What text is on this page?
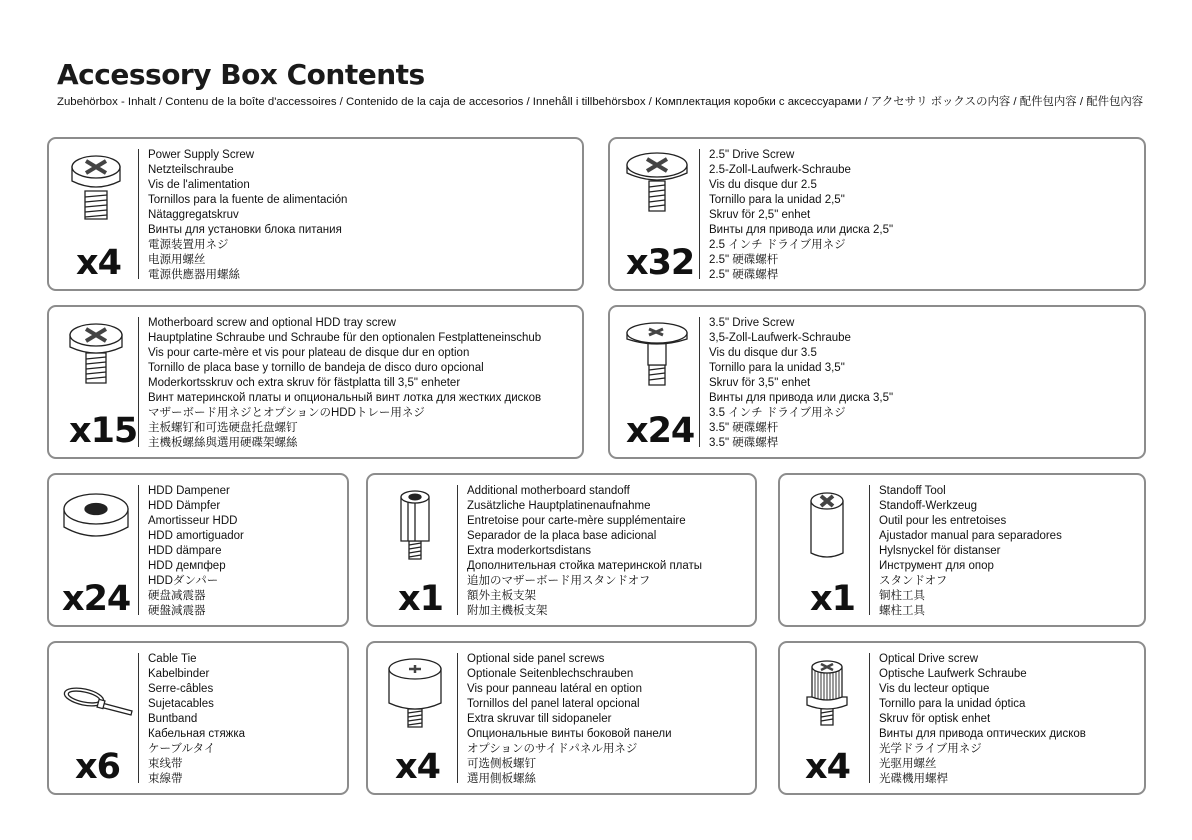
Accessory Box Contents
Zubehörbox - Inhalt / Contenu de la boîte d'accessoires / Contenido de la caja de accesorios / Innehåll i tillbehörsbox / Комплектация коробки с аксессуарами / アクセサリ ボックスの内容 / 配件包内容 / 配件包內容
x4
Power Supply Screw
Netzteilschraube
Vis de l'alimentation
Tornillos para la fuente de alimentación
Nätaggregatskruv
Винты для установки блока питания
電源装置用ネジ
电源用螺丝
電源供應器用螺絲	x32
2.5" Drive Screw
2.5-Zoll-Laufwerk-Schraube
Vis du disque dur 2.5
Tornillo para la unidad 2,5"
Skruv för 2,5" enhet
Винты для привода или диска 2,5"
2.5 インチ ドライブ用ネジ
2.5" 硬碟螺杆
2.5" 硬碟螺桿
x15
Motherboard screw and optional HDD tray screw
Hauptplatine Schraube und Schraube für den optionalen Festplatteneinschub
Vis pour carte-mère et vis pour plateau de disque dur en option
Tornillo de placa base y tornillo de bandeja de disco duro opcional
Moderkortsskruv och extra skruv för fästplatta till 3,5" enheter
Винт материнской платы и опциональный винт лотка для жестких дисков
マザーボード用ネジとオプションのHDDトレー用ネジ
主板螺钉和可选硬盘托盘螺钉
主機板螺絲與選用硬碟架螺絲	x24
3.5" Drive Screw
3,5-Zoll-Laufwerk-Schraube
Vis du disque dur 3.5
Tornillo para la unidad 3,5"
Skruv för 3,5" enhet
Винты для привода или диска 3,5"
3.5 インチ ドライブ用ネジ
3.5" 硬碟螺杆
3.5" 硬碟螺桿
x24
HDD Dampener
HDD Dämpfer
Amortisseur HDD
HDD amortiguador
HDD dämpare
HDD демпфер
HDDダンパー
硬盘减震器
硬盤減震器	x1
Additional motherboard standoff
Zusätzliche Hauptplatinenaufnahme
Entretoise pour carte-mère supplémentaire
Separador de la placa base adicional
Extra moderkortsdistans
Дополнительная стойка материнской платы
追加のマザーボード用スタンドオフ
額外主板支架
附加主機板支架	x1
Standoff Tool
Standoff-Werkzeug
Outil pour les entretoises
Ajustador manual para separadores
Hylsnyckel för distanser
Инструмент для опор
スタンドオフ
铜柱工具
螺柱工具
x6
Cable Tie
Kabelbinder
Serre-câbles
Sujetacables
Buntband
Кабельная стяжка
ケーブルタイ
束线带
束線帶	x4
Optional side panel screws
Optionale Seitenblechschrauben
Vis pour panneau latéral en option
Tornillos del panel lateral opcional
Extra skruvar till sidopaneler
Опциональные винты боковой панели
オプションのサイドパネル用ネジ
可选侧板螺钉
選用側板螺絲	x4
Optical Drive screw
Optische Laufwerk Schraube
Vis du lecteur optique
Tornillo para la unidad óptica
Skruv för optisk enhet
Винты для привода оптических дисков
光学ドライブ用ネジ
光驱用螺丝
光碟機用螺桿
